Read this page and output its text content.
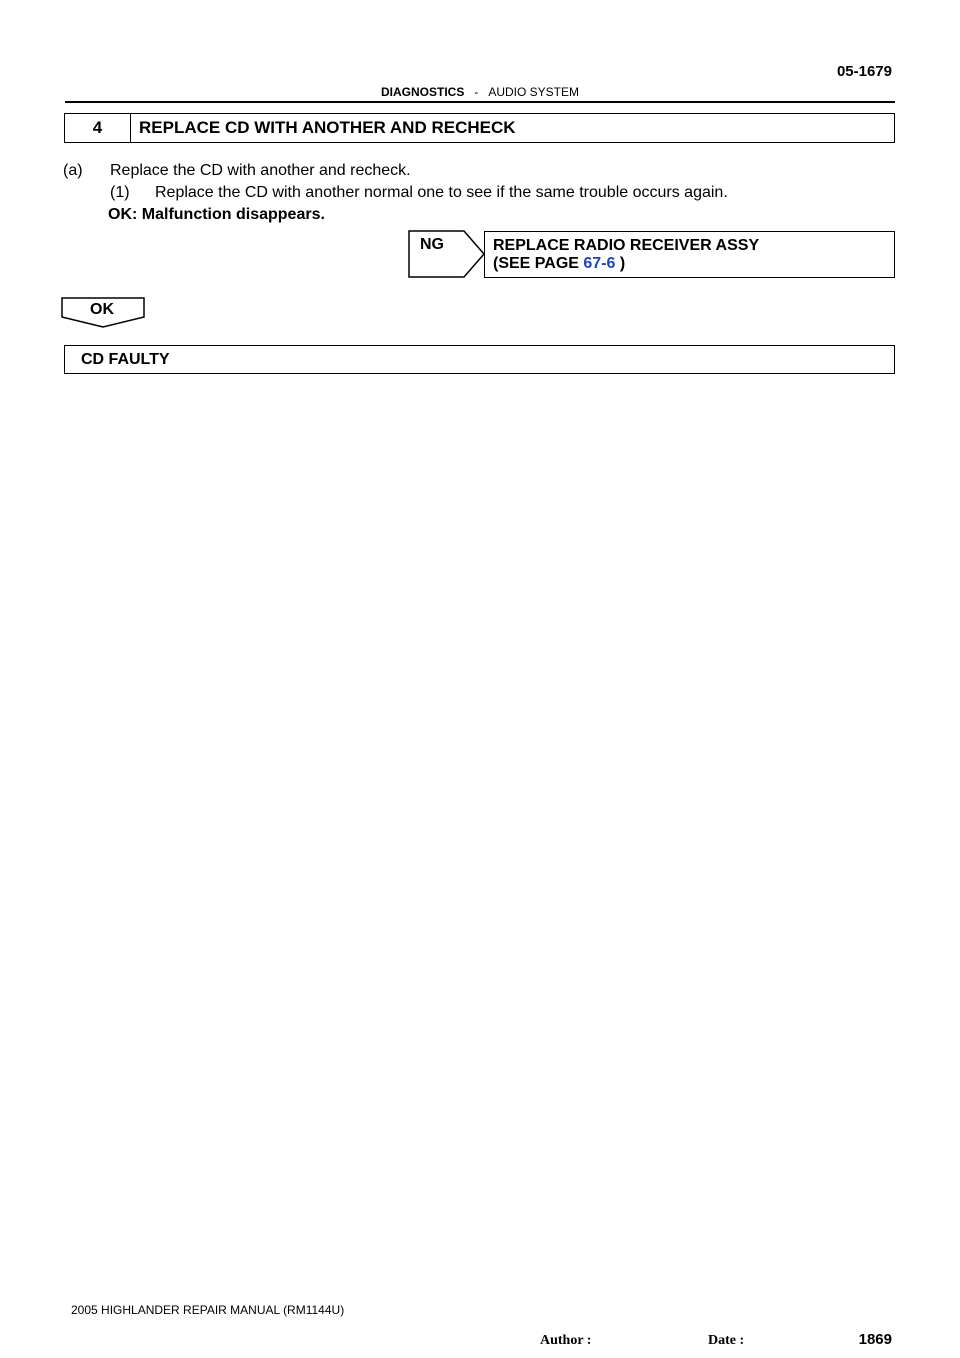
05-1679
DIAGNOSTICS - AUDIO SYSTEM
4	REPLACE CD WITH ANOTHER AND RECHECK
(a) Replace the CD with another and recheck.
(1) Replace the CD with another normal one to see if the same trouble occurs again.
OK: Malfunction disappears.
NG	REPLACE RADIO RECEIVER ASSY
(SEE PAGE 67-6 )
OK
CD FAULTY
2005 HIGHLANDER REPAIR MANUAL (RM1144U)
Author :	Date :	1869
